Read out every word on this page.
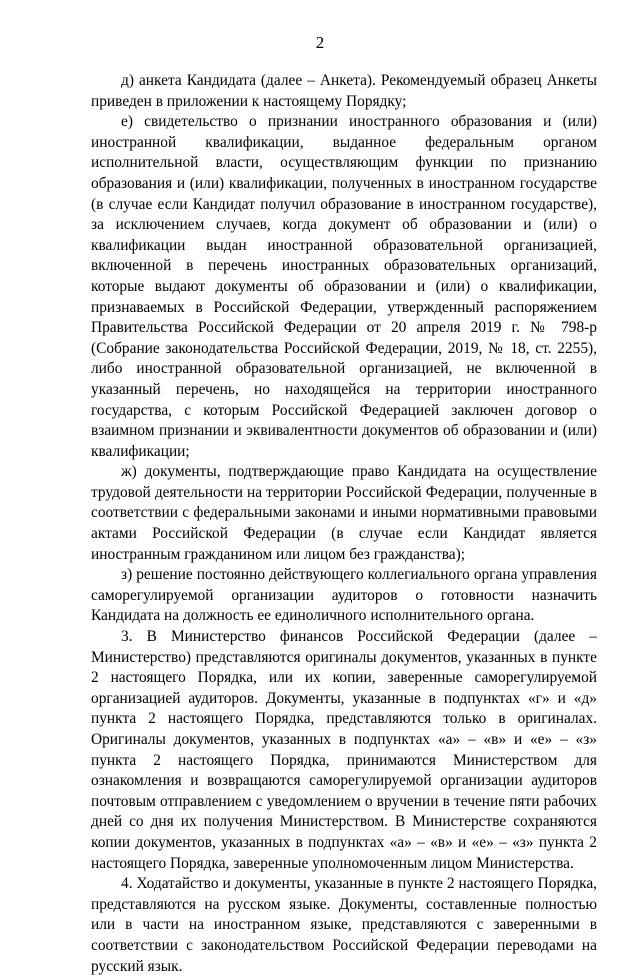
2

д) анкета Кандидата (далее – Анкета). Рекомендуемый образец Анкеты приведен в приложении к настоящему Порядку;

е) свидетельство о признании иностранного образования и (или) иностранной квалификации, выданное федеральным органом исполнительной власти, осуществляющим функции по признанию образования и (или) квалификации, полученных в иностранном государстве (в случае если Кандидат получил образование в иностранном государстве), за исключением случаев, когда документ об образовании и (или) о квалификации выдан иностранной образовательной организацией, включенной в перечень иностранных образовательных организаций, которые выдают документы об образовании и (или) о квалификации, признаваемых в Российской Федерации, утвержденный распоряжением Правительства Российской Федерации от 20 апреля 2019 г. № 798-р (Собрание законодательства Российской Федерации, 2019, № 18, ст. 2255), либо иностранной образовательной организацией, не включенной в указанный перечень, но находящейся на территории иностранного государства, с которым Российской Федерацией заключен договор о взаимном признании и эквивалентности документов об образовании и (или) квалификации;

ж) документы, подтверждающие право Кандидата на осуществление трудовой деятельности на территории Российской Федерации, полученные в соответствии с федеральными законами и иными нормативными правовыми актами Российской Федерации (в случае если Кандидат является иностранным гражданином или лицом без гражданства);

з) решение постоянно действующего коллегиального органа управления саморегулируемой организации аудиторов о готовности назначить Кандидата на должность ее единоличного исполнительного органа.

3. В Министерство финансов Российской Федерации (далее – Министерство) представляются оригиналы документов, указанных в пункте 2 настоящего Порядка, или их копии, заверенные саморегулируемой организацией аудиторов. Документы, указанные в подпунктах «г» и «д» пункта 2 настоящего Порядка, представляются только в оригиналах. Оригиналы документов, указанных в подпунктах «а» – «в» и «е» – «з» пункта 2 настоящего Порядка, принимаются Министерством для ознакомления и возвращаются саморегулируемой организации аудиторов почтовым отправлением с уведомлением о вручении в течение пяти рабочих дней со дня их получения Министерством. В Министерстве сохраняются копии документов, указанных в подпунктах «а» – «в» и «е» – «з» пункта 2 настоящего Порядка, заверенные уполномоченным лицом Министерства.

4. Ходатайство и документы, указанные в пункте 2 настоящего Порядка, представляются на русском языке. Документы, составленные полностью или в части на иностранном языке, представляются с заверенными в соответствии с законодательством Российской Федерации переводами на русский язык.
